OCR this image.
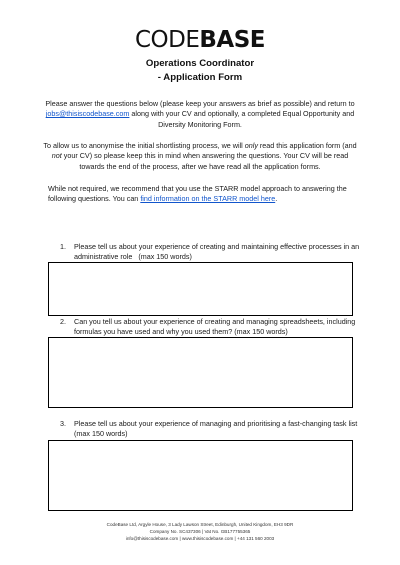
CODEBASE
Operations Coordinator
- Application Form
Please answer the questions below (please keep your answers as brief as possible) and return to jobs@thisiscodebase.com along with your CV and optionally, a completed Equal Opportunity and Diversity Monitoring Form.
To allow us to anonymise the initial shortlisting process, we will only read this application form (and not your CV) so please keep this in mind when answering the questions. Your CV will be read towards the end of the process, after we have read all the application forms.
While not required, we recommend that you use the STARR model approach to answering the following questions. You can find information on the STARR model here.
1. Please tell us about your experience of creating and maintaining effective processes in an administrative role (max 150 words)
2. Can you tell us about your experience of creating and managing spreadsheets, including formulas you have used and why you used them? (max 150 words)
3. Please tell us about your experience of managing and prioritising a fast-changing task list (max 150 words)
CodeBase Ltd, Argyle House, 3 Lady Lawson Street, Edinburgh, United Kingdom, EH3 9DR
Company No. SC437306 | Vat No. GB177755365
info@thisiscodebase.com | www.thisiscodebase.com | +44 131 560 2003
